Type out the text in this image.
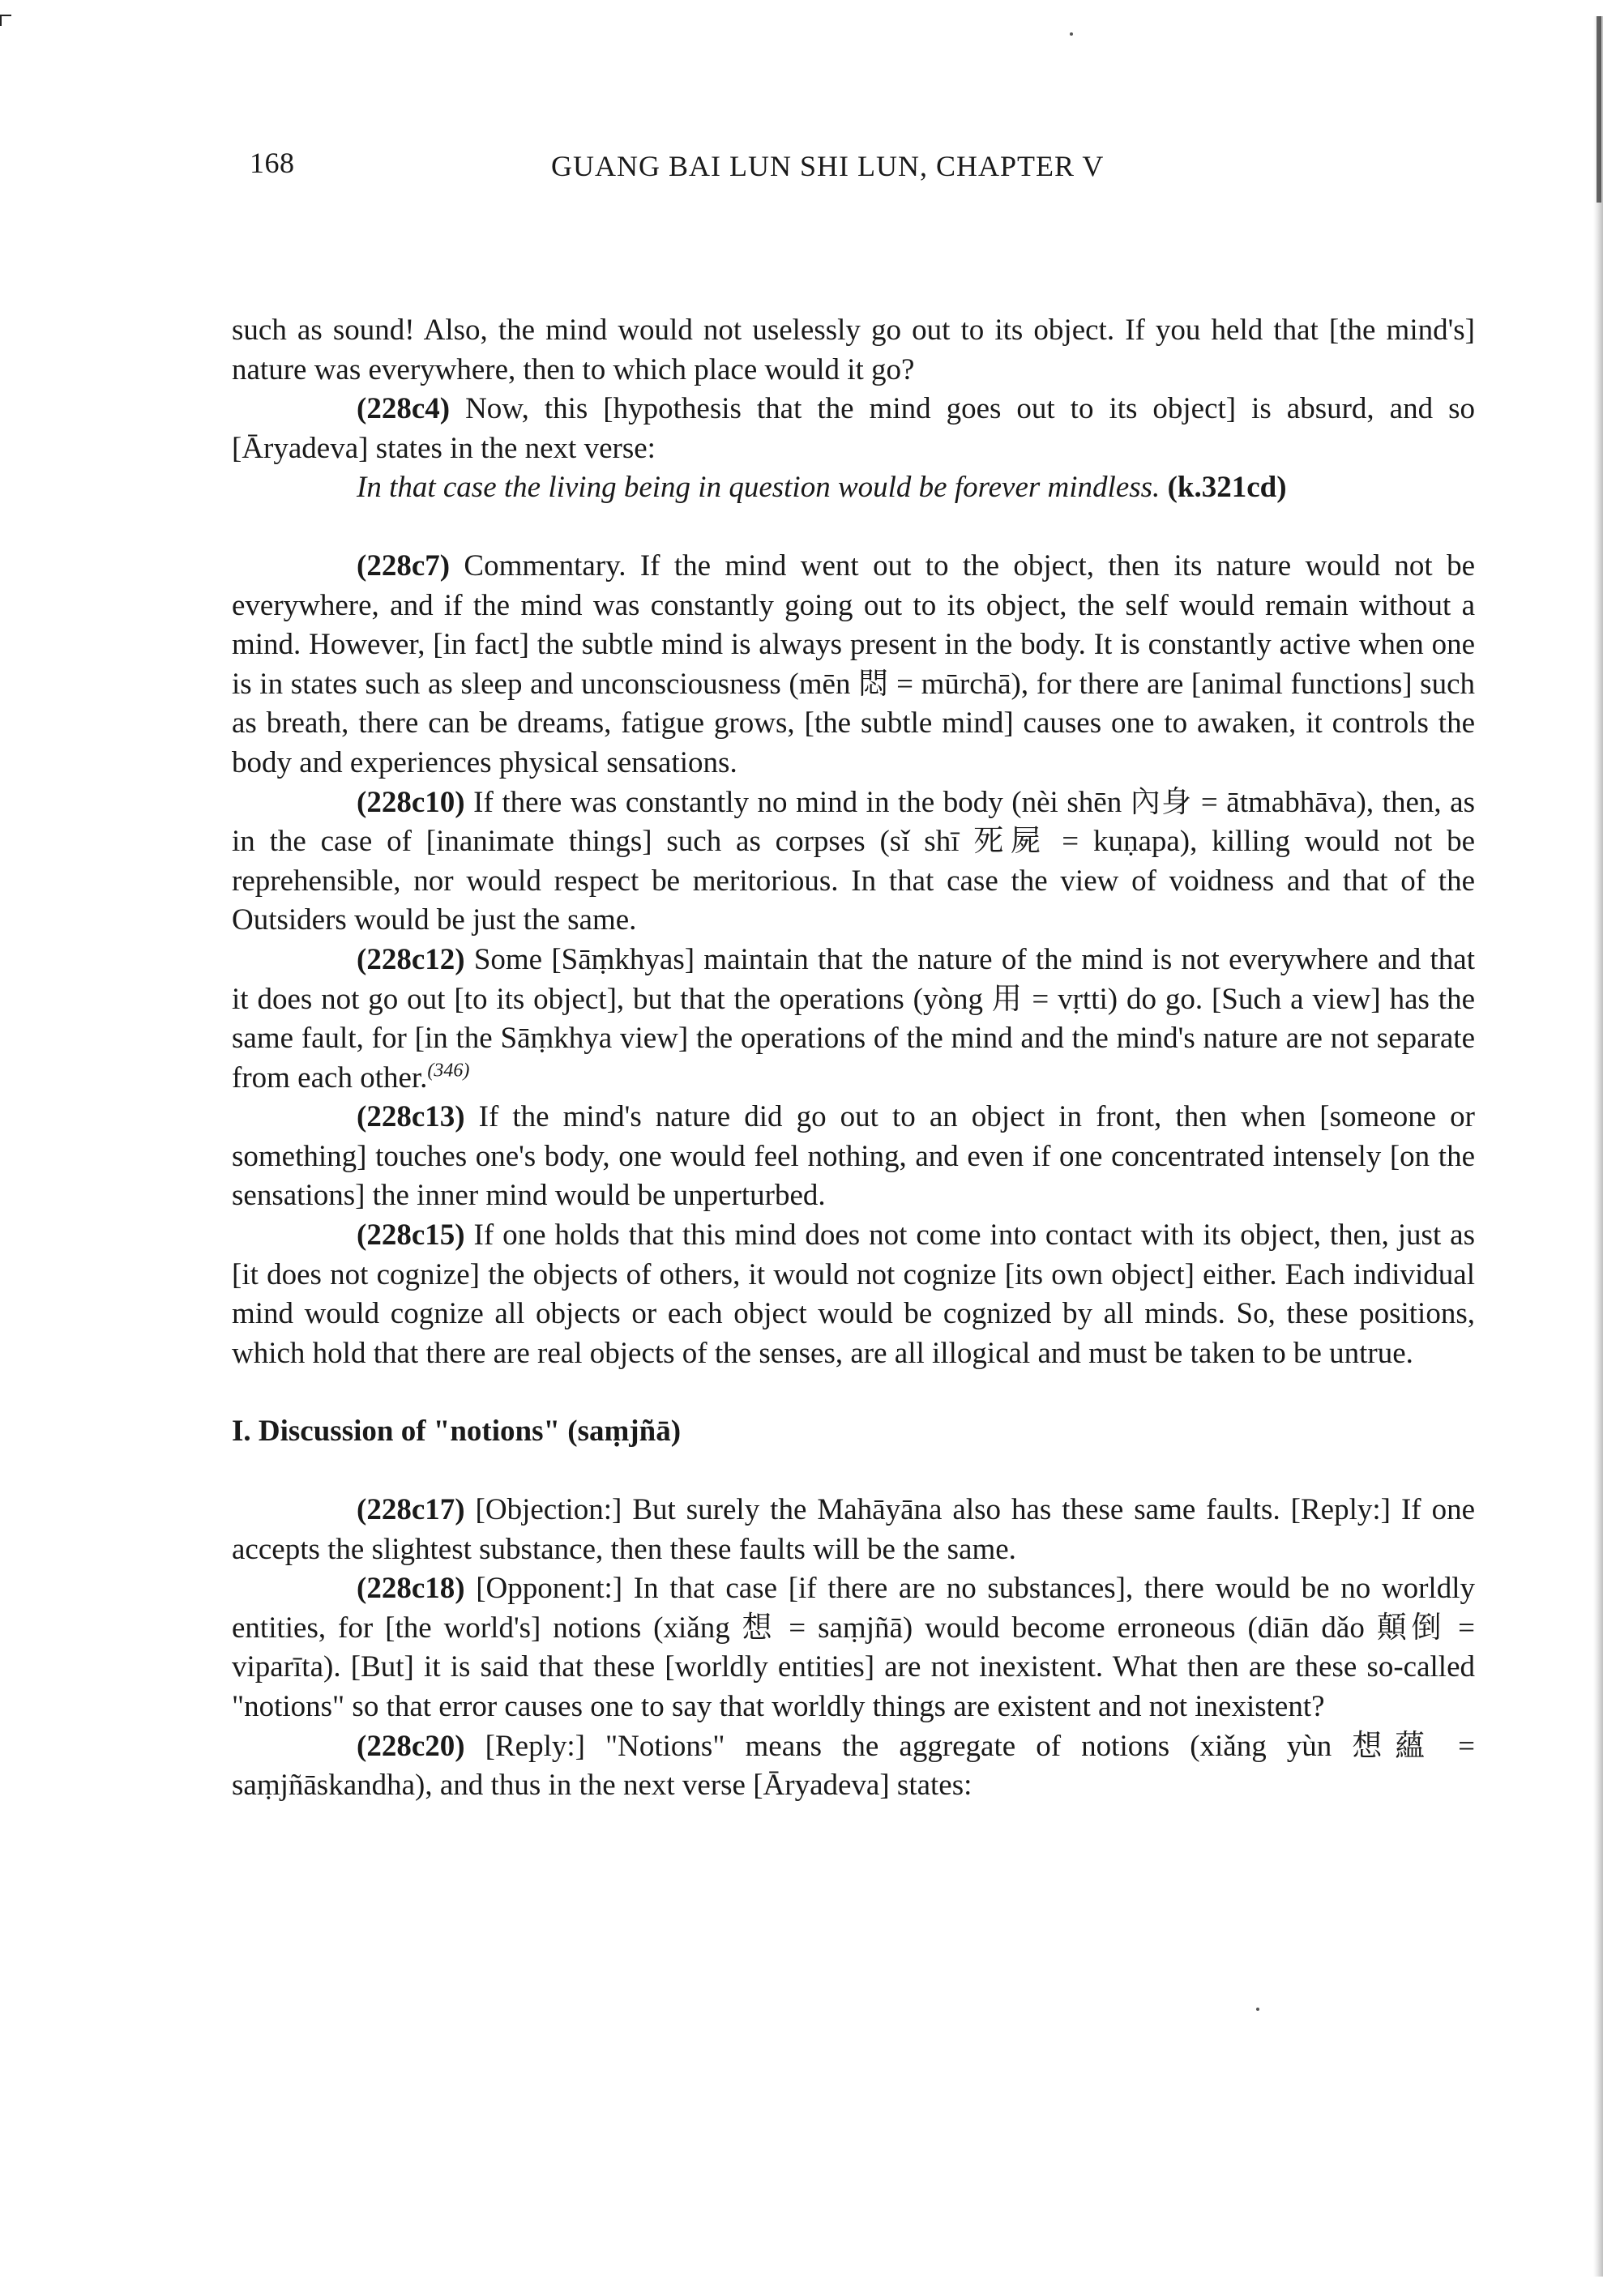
168	GUANG BAI LUN SHI LUN, CHAPTER V

such as sound! Also, the mind would not uselessly go out to its object. If you held that [the mind's] nature was everywhere, then to which place would it go?

(228c4) Now, this [hypothesis that the mind goes out to its object] is absurd, and so [Āryadeva] states in the next verse:

In that case the living being in question would be forever mindless. (k.321cd)

(228c7) Commentary. If the mind went out to the object, then its nature would not be everywhere, and if the mind was constantly going out to its object, the self would remain without a mind. However, [in fact] the subtle mind is always present in the body. It is constantly active when one is in states such as sleep and unconsciousness (mēn 悶 = mūrchā), for there are [animal functions] such as breath, there can be dreams, fatigue grows, [the subtle mind] causes one to awaken, it controls the body and experiences physical sensations.

(228c10) If there was constantly no mind in the body (nèi shēn 內身 = ātmabhāva), then, as in the case of [inanimate things] such as corpses (sǐ shī 死屍 = kuṇapa), killing would not be reprehensible, nor would respect be meritorious. In that case the view of voidness and that of the Outsiders would be just the same.

(228c12) Some [Sāṃkhyas] maintain that the nature of the mind is not everywhere and that it does not go out [to its object], but that the operations (yòng 用 = vṛtti) do go. [Such a view] has the same fault, for [in the Sāṃkhya view] the operations of the mind and the mind's nature are not separate from each other.$^{(346)}$

(228c13) If the mind's nature did go out to an object in front, then when [someone or something] touches one's body, one would feel nothing, and even if one concentrated intensely [on the sensations] the inner mind would be unperturbed.

(228c15) If one holds that this mind does not come into contact with its object, then, just as [it does not cognize] the objects of others, it would not cognize [its own object] either. Each individual mind would cognize all objects or each object would be cognized by all minds. So, these positions, which hold that there are real objects of the senses, are all illogical and must be taken to be untrue.

I. Discussion of "notions" (saṃjñā)

(228c17) [Objection:] But surely the Mahāyāna also has these same faults. [Reply:] If one accepts the slightest substance, then these faults will be the same.

(228c18) [Opponent:] In that case [if there are no substances], there would be no worldly entities, for [the world's] notions (xiǎng 想 = saṃjñā) would become erroneous (diān dǎo 顛倒 = viparīta). [But] it is said that these [worldly entities] are not inexistent. What then are these so-called "notions" so that error causes one to say that worldly things are existent and not inexistent?

(228c20) [Reply:] "Notions" means the aggregate of notions (xiǎng yùn 想蘊 = saṃjñāskandha), and thus in the next verse [Āryadeva] states:
